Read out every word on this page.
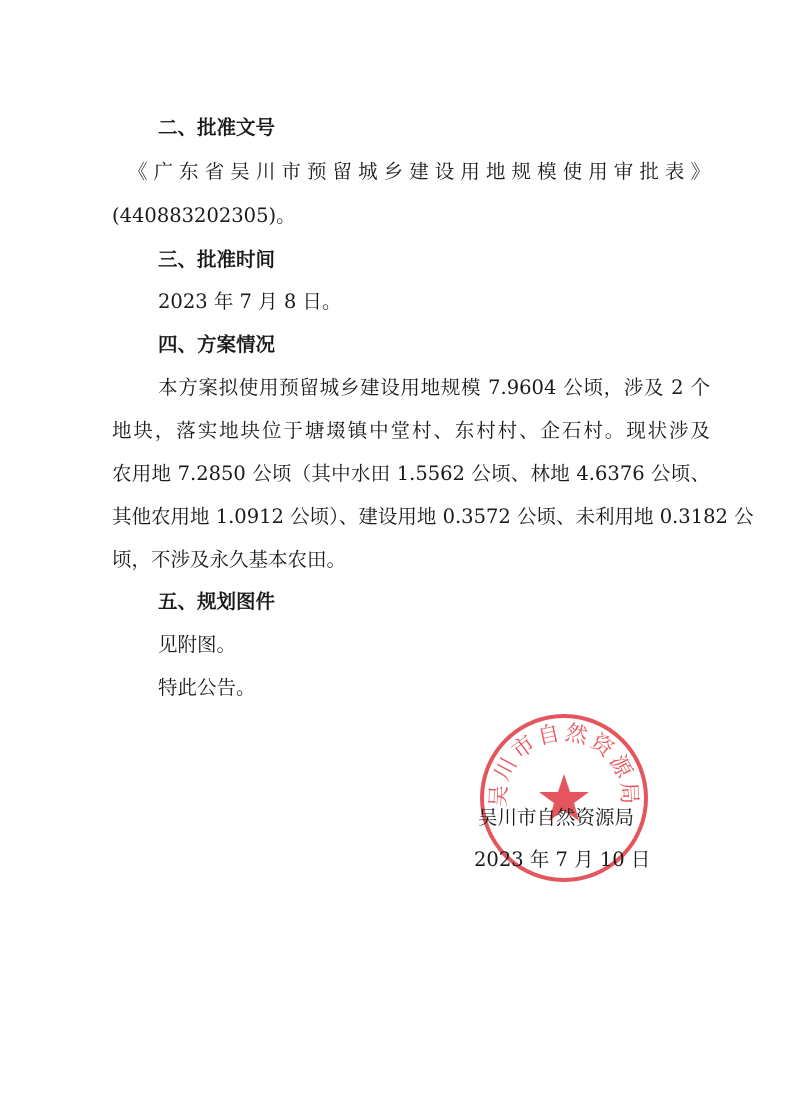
二、批准文号
《广东省吴川市预留城乡建设用地规模使用审批表》
(440883202305)。
三、批准时间
2023 年 7 月 8 日。
四、方案情况
本方案拟使用预留城乡建设用地规模 7.9604 公顷，涉及 2 个
地块，落实地块位于塘㙍镇中堂村、东村村、企石村。现状涉及
农用地 7.2850 公顷（其中水田 1.5562 公顷、林地 4.6376 公顷、
其他农用地 1.0912 公顷）、建设用地 0.3572 公顷、未利用地 0.3182 公
顷，不涉及永久基本农田。
五、规划图件
见附图。
特此公告。
吴川市自然资源局
吴川市自然资源局
2023 年 7 月 10 日
